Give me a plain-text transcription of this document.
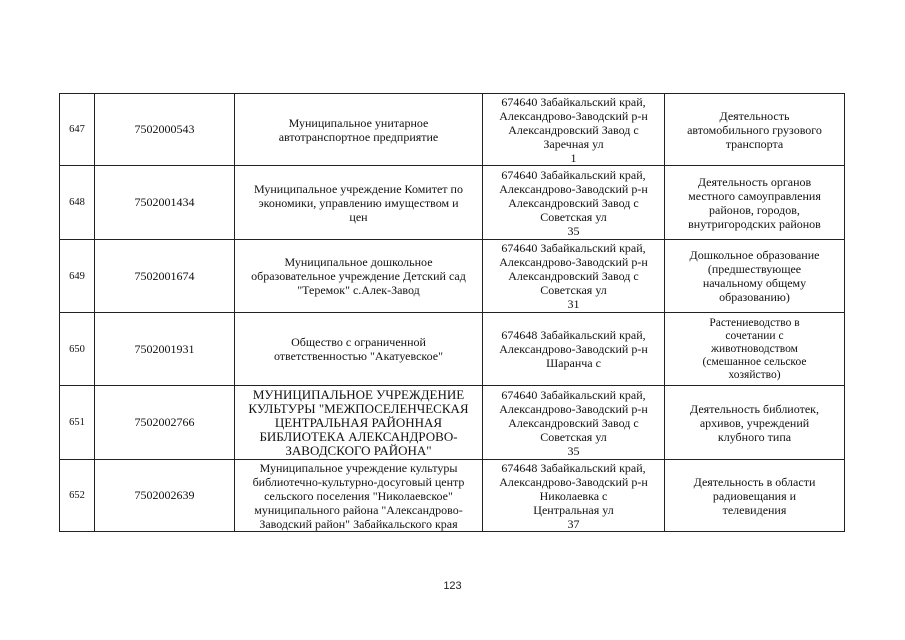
647	7502000543	Муниципальное унитарное
автотранспортное предприятие	674640 Забайкальский край,
Александрово-Заводский р-н
Александровский Завод с
Заречная ул
1	Деятельность
автомобильного грузового
транспорта

648	7502001434	Муниципальное учреждение Комитет по
экономики, управлению имуществом и
цен	674640 Забайкальский край,
Александрово-Заводский р-н
Александровский Завод с
Советская ул
35	Деятельность органов
местного самоуправления
районов, городов,
внутригородских районов

649	7502001674	Муниципальное дошкольное
образовательное учреждение Детский сад
"Теремок" с.Алек-Завод	674640 Забайкальский край,
Александрово-Заводский р-н
Александровский Завод с
Советская ул
31	Дошкольное образование
(предшествующее
начальному общему
образованию)

650	7502001931	Общество с ограниченной
ответственностью "Акатуевское"	674648 Забайкальский край,
Александрово-Заводский р-н
Шаранча с	Растениеводство в
сочетании с
животноводством
(смешанное сельское
хозяйство)

651	7502002766	МУНИЦИПАЛЬНОЕ УЧРЕЖДЕНИЕ
КУЛЬТУРЫ "МЕЖПОСЕЛЕНЧЕСКАЯ
ЦЕНТРАЛЬНАЯ РАЙОННАЯ
БИБЛИОТЕКА АЛЕКСАНДРОВО-
ЗАВОДСКОГО РАЙОНА"	674640 Забайкальский край,
Александрово-Заводский р-н
Александровский Завод с
Советская ул
35	Деятельность библиотек,
архивов, учреждений
клубного типа

652	7502002639	Муниципальное учреждение культуры
библиотечно-культурно-досуговый центр
сельского поселения "Николаевское"
муниципального района "Александрово-
Заводский район" Забайкальского края	674648 Забайкальский край,
Александрово-Заводский р-н
Николаевка с
Центральная ул
37	Деятельность в области
радиовещания и
телевидения
123
